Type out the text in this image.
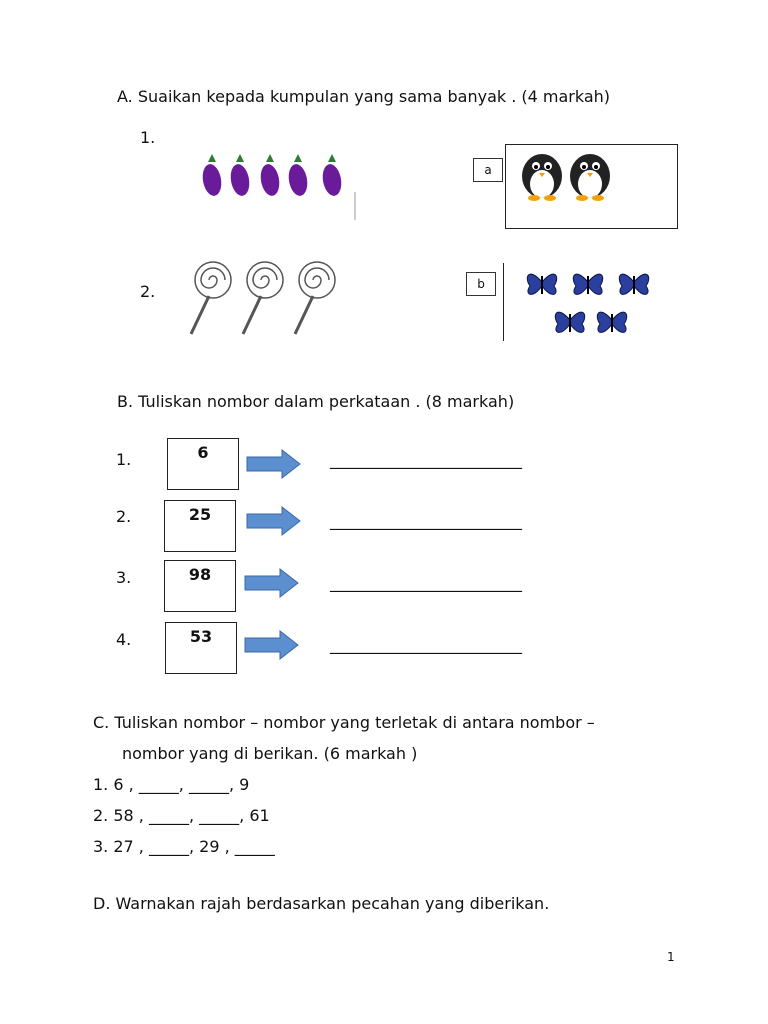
A. Suaikan kepada kumpulan yang sama banyak . (4 markah)
1.
a
2.	b
B. Tuliskan nombor dalam perkataan . (8 markah)
1.	6	________________________
2.	25	________________________
3.	98	________________________
4.	53	________________________
C. Tuliskan nombor – nombor yang terletak di antara nombor –
nombor yang di berikan. (6 markah )
1. 6 , _____, _____, 9
2. 58 , _____, _____, 61
3. 27 , _____, 29 , _____
D. Warnakan rajah berdasarkan pecahan yang diberikan.
1
